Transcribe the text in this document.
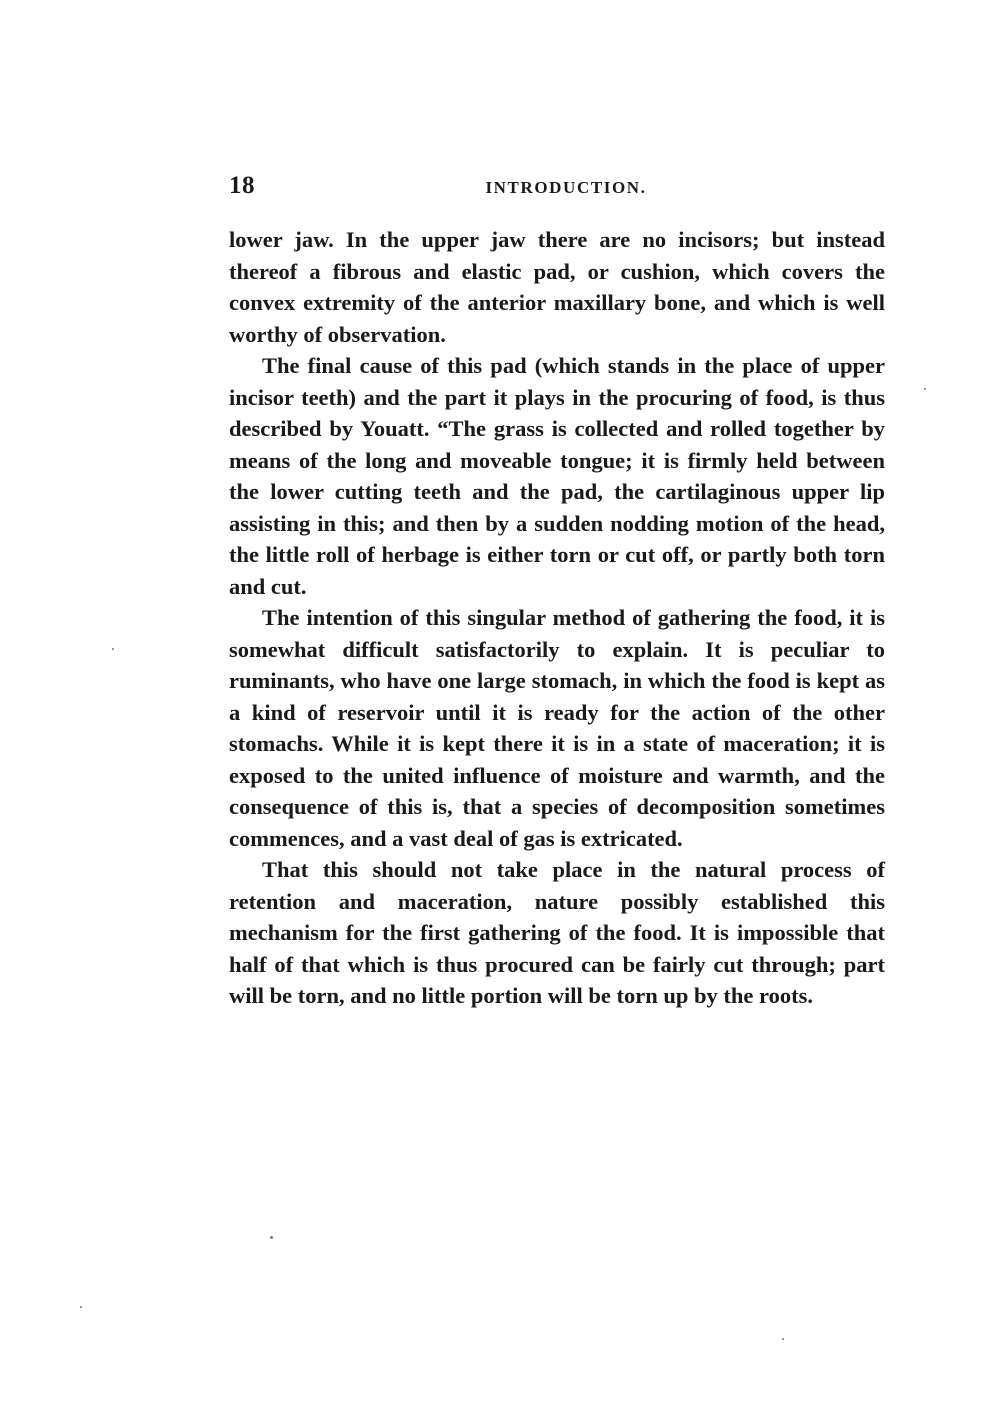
18	INTRODUCTION.

lower jaw. In the upper jaw there are no incisors; but instead thereof a fibrous and elastic pad, or cushion, which covers the convex extremity of the anterior maxillary bone, and which is well worthy of observation.

The final cause of this pad (which stands in the place of upper incisor teeth) and the part it plays in the procuring of food, is thus described by Youatt. “The grass is collected and rolled together by means of the long and moveable tongue; it is firmly held between the lower cutting teeth and the pad, the cartilaginous upper lip assisting in this; and then by a sudden nodding motion of the head, the little roll of herbage is either torn or cut off, or partly both torn and cut.

The intention of this singular method of gathering the food, it is somewhat difficult satisfactorily to explain. It is peculiar to ruminants, who have one large stomach, in which the food is kept as a kind of reservoir until it is ready for the action of the other stomachs. While it is kept there it is in a state of maceration; it is exposed to the united influence of moisture and warmth, and the consequence of this is, that a species of decomposition sometimes commences, and a vast deal of gas is extricated.

That this should not take place in the natural process of retention and maceration, nature possibly established this mechanism for the first gathering of the food. It is impossible that half of that which is thus procured can be fairly cut through; part will be torn, and no little portion will be torn up by the roots.
